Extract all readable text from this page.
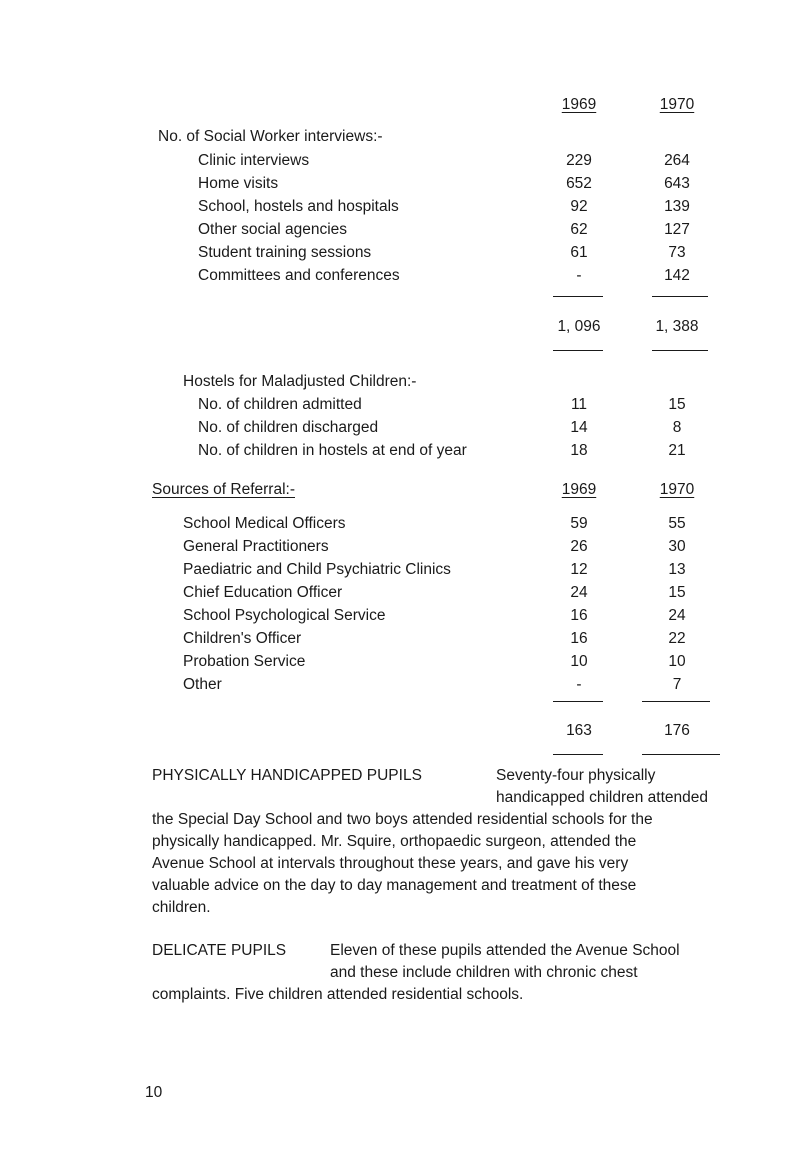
1969	1970
No. of Social Worker interviews:-
Clinic interviews	229	264
Home visits	652	643
School, hostels and hospitals	92	139
Other social agencies	62	127
Student training sessions	61	73
Committees and conferences	-	142
1, 096	1, 388
Hostels for Maladjusted Children:-
No. of children admitted	11	15
No. of children discharged	14	8
No. of children in hostels at end of year	18	21
Sources of Referral:-	1969	1970
School Medical Officers	59	55
General Practitioners	26	30
Paediatric and Child Psychiatric Clinics	12	13
Chief Education Officer	24	15
School Psychological Service	16	24
Children's Officer	16	22
Probation Service	10	10
Other	-	7
163	176
PHYSICALLY HANDICAPPED PUPILS	Seventy-four physically
handicapped children attended
the Special Day School and two boys attended residential schools for the
physically handicapped. Mr. Squire, orthopaedic surgeon, attended the
Avenue School at intervals throughout these years, and gave his very
valuable advice on the day to day management and treatment of these
children.
DELICATE PUPILS	Eleven of these pupils attended the Avenue School
and these include children with chronic chest
complaints. Five children attended residential schools.
10
